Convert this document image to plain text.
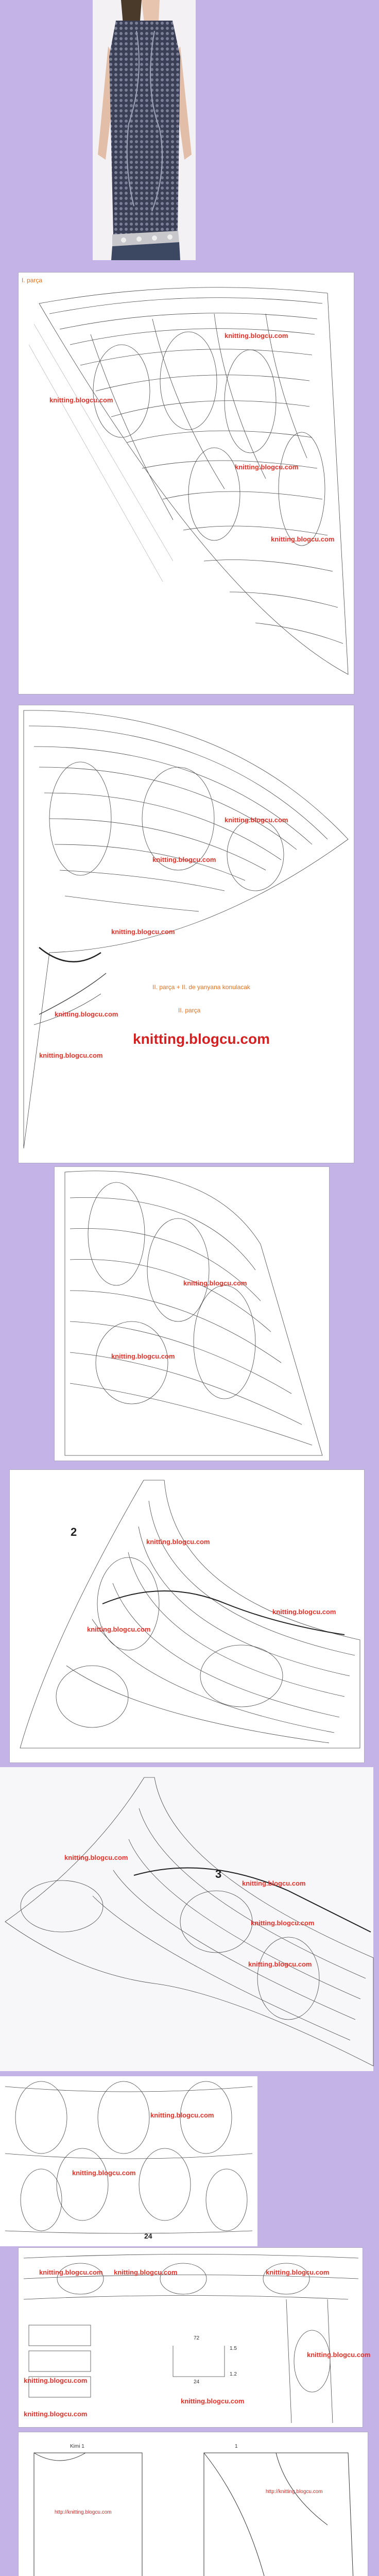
I. parça
knitting.blogcu.com
knitting.blogcu.com
knitting.blogcu.com
knitting.blogcu.com
knitting.blogcu.com
knitting.blogcu.com
knitting.blogcu.com
knitting.blogcu.com
knitting.blogcu.com
II. parça + II. de yanyana konulacak
II. parça
knitting.blogcu.com
knitting.blogcu.com
knitting.blogcu.com
2
knitting.blogcu.com
knitting.blogcu.com
knitting.blogcu.com
3
knitting.blogcu.com
knitting.blogcu.com
knitting.blogcu.com
knitting.blogcu.com
knitting.blogcu.com
knitting.blogcu.com
24
knitting.blogcu.com knitting.blogcu.com	knitting.blogcu.com
knitting.blogcu.com
knitting.blogcu.com
knitting.blogcu.com
knitting.blogcu.com
72
24
1.5
1.2
Kimi 1	1
http://knitting.blogcu.com
http://knitting.blogcu.com
